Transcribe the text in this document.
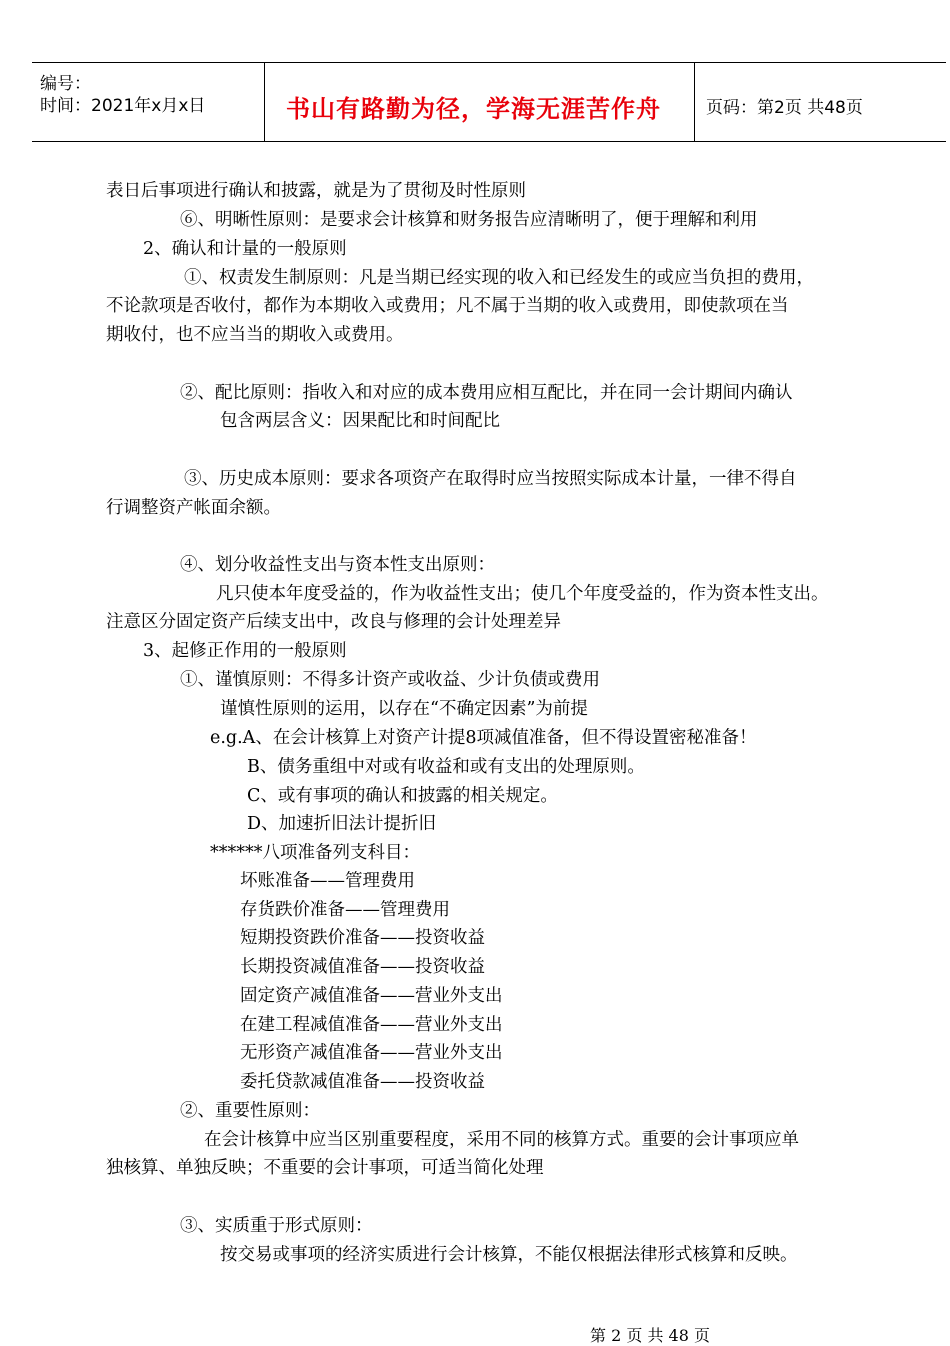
编号：
时间：2021年x月x日	书山有路勤为径，学海无涯苦作舟	页码：第2页 共48页
表日后事项进行确认和披露，就是为了贯彻及时性原则
⑥、明晰性原则：是要求会计核算和财务报告应清晰明了，便于理解和利用
2、确认和计量的一般原则
①、权责发生制原则：凡是当期已经实现的收入和已经发生的或应当负担的费用，
不论款项是否收付，都作为本期收入或费用；凡不属于当期的收入或费用，即使款项在当
期收付，也不应当当的期收入或费用。
②、配比原则：指收入和对应的成本费用应相互配比，并在同一会计期间内确认
包含两层含义：因果配比和时间配比
③、历史成本原则：要求各项资产在取得时应当按照实际成本计量，一律不得自
行调整资产帐面余额。
④、划分收益性支出与资本性支出原则：
凡只使本年度受益的，作为收益性支出；使几个年度受益的，作为资本性支出。
注意区分固定资产后续支出中，改良与修理的会计处理差异
3、起修正作用的一般原则
①、谨慎原则：不得多计资产或收益、少计负债或费用
谨慎性原则的运用，以存在“不确定因素”为前提
e.g.A、在会计核算上对资产计提8项减值准备，但不得设置密秘准备！
B、债务重组中对或有收益和或有支出的处理原则。
C、或有事项的确认和披露的相关规定。
D、加速折旧法计提折旧
******八项准备列支科目：
坏账准备——管理费用
存货跌价准备——管理费用
短期投资跌价准备——投资收益
长期投资减值准备——投资收益
固定资产减值准备——营业外支出
在建工程减值准备——营业外支出
无形资产减值准备——营业外支出
委托贷款减值准备——投资收益
②、重要性原则：
在会计核算中应当区别重要程度，采用不同的核算方式。重要的会计事项应单
独核算、单独反映；不重要的会计事项，可适当简化处理
③、实质重于形式原则：
按交易或事项的经济实质进行会计核算，不能仅根据法律形式核算和反映。
第 2 页 共 48 页
